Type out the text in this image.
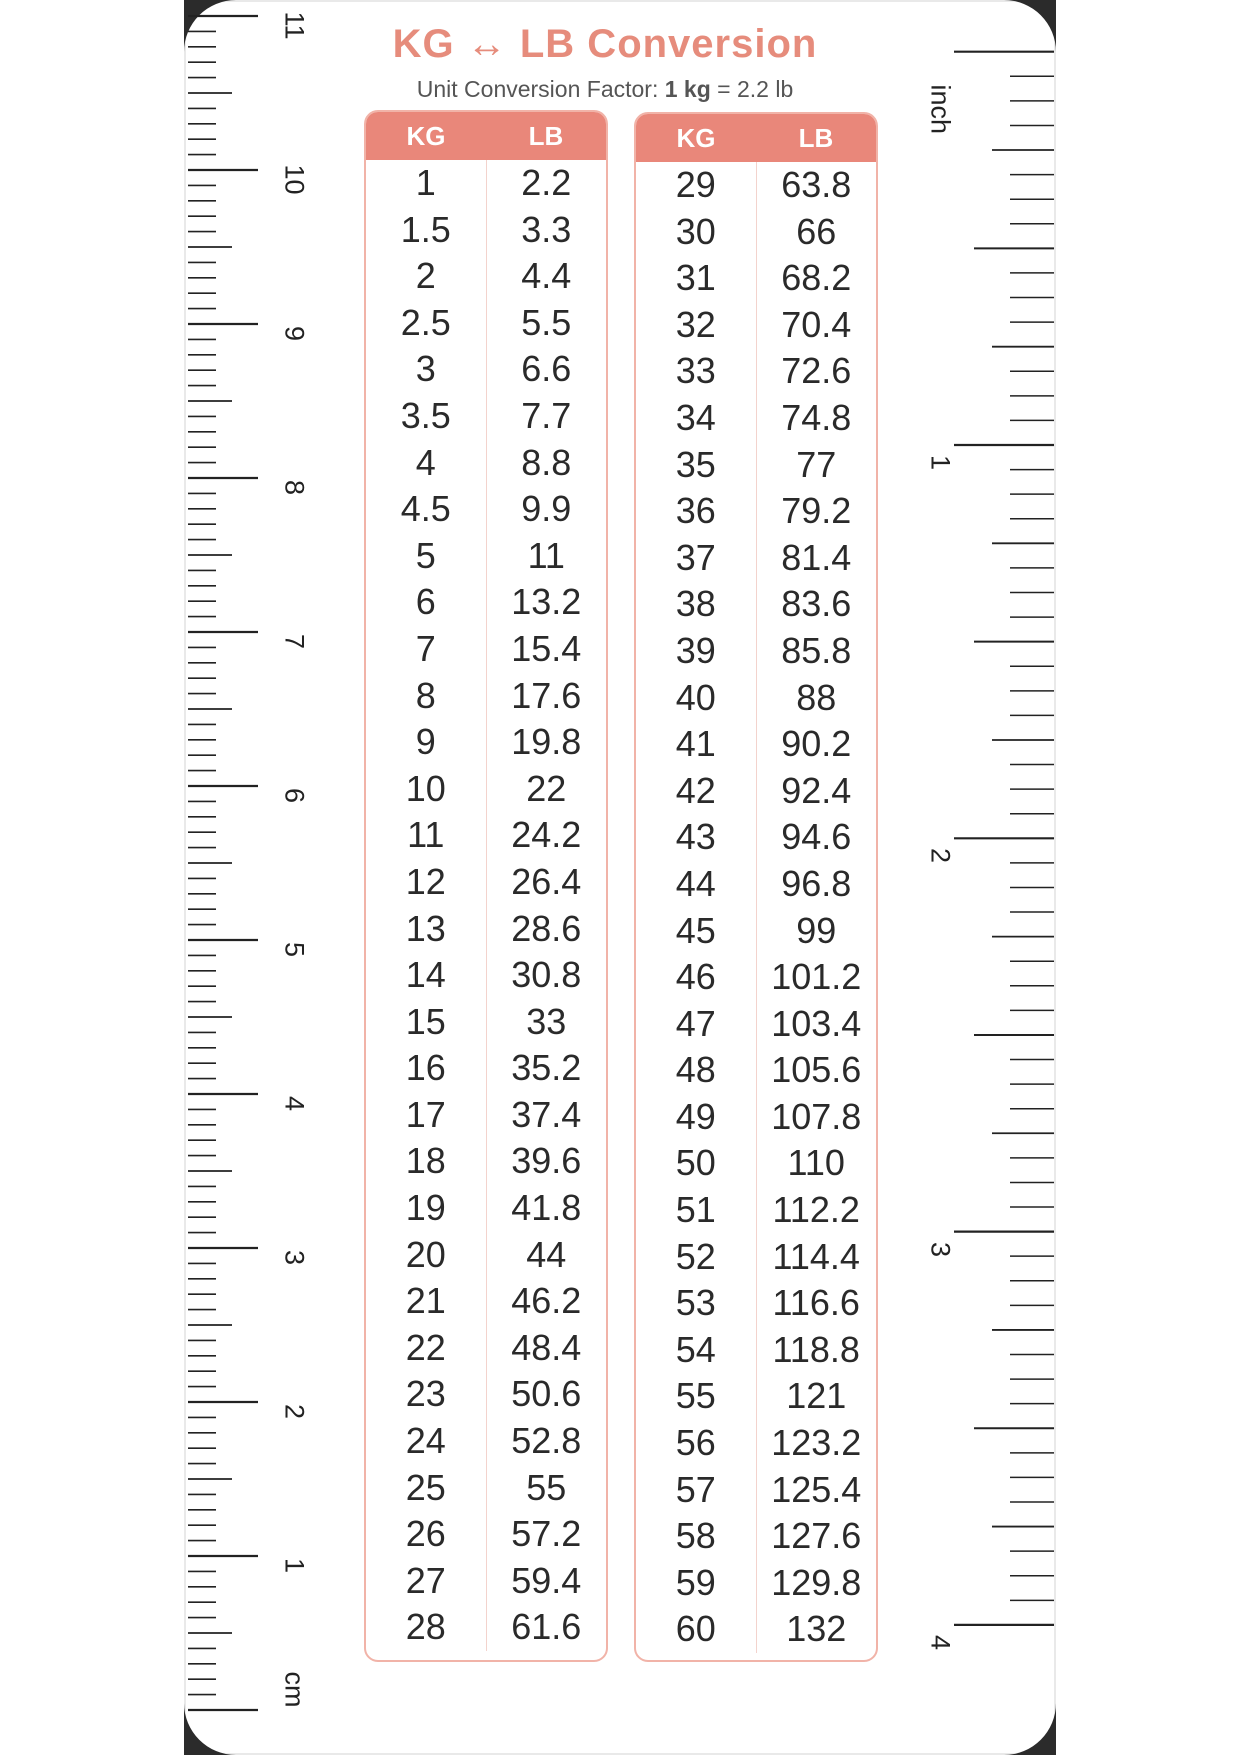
cm
1
2
3
4
5
6
7
8
9
10
11
inch
1
2
3
4
KG ↔ LB Conversion
Unit Conversion Factor: 1 kg = 2.2 lb
KG	LB
1
1.5
2
2.5
3
3.5
4
4.5
5
6
7
8
9
10
11
12
13
14
15
16
17
18
19
20
21
22
23
24
25
26
27
28
2.2
3.3
4.4
5.5
6.6
7.7
8.8
9.9
11
13.2
15.4
17.6
19.8
22
24.2
26.4
28.6
30.8
33
35.2
37.4
39.6
41.8
44
46.2
48.4
50.6
52.8
55
57.2
59.4
61.6
KG	LB
29
30
31
32
33
34
35
36
37
38
39
40
41
42
43
44
45
46
47
48
49
50
51
52
53
54
55
56
57
58
59
60
63.8
66
68.2
70.4
72.6
74.8
77
79.2
81.4
83.6
85.8
88
90.2
92.4
94.6
96.8
99
101.2
103.4
105.6
107.8
110
112.2
114.4
116.6
118.8
121
123.2
125.4
127.6
129.8
132
